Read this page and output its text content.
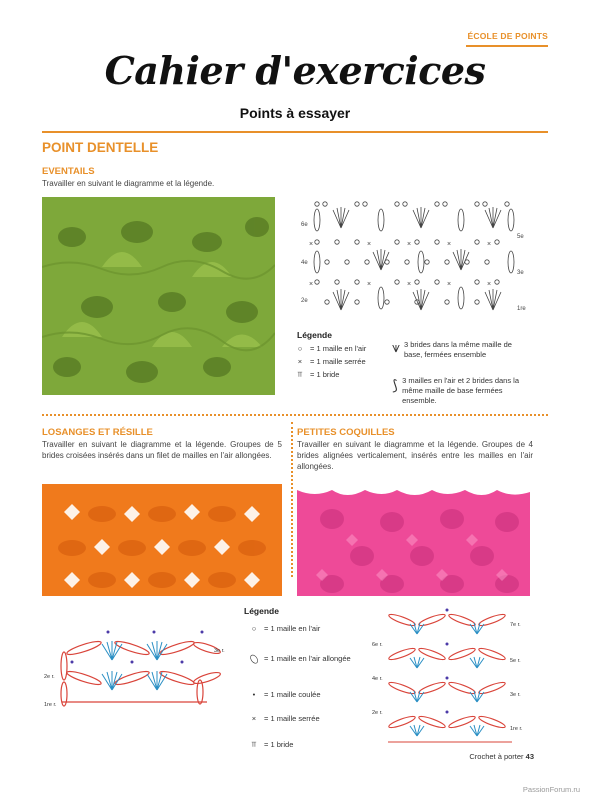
ÉCOLE DE POINTS
Cahier d'exercices
Points à essayer
POINT DENTELLE
EVENTAILS
Travailler en suivant le diagramme et la légende.
6e
4e
2e
5e
3e
1re
×	×	×	×	×
×	×	×	×	×
Légende
○	= 1 maille en l'air
×	= 1 maille serrée
⫪	= 1 bride
⩛ 3 brides dans la même maille de base, fermées ensemble
⟆ 3 mailles en l'air et 2 brides dans la même maille de base fermées ensemble.
LOSANGES ET RÉSILLE
Travailler en suivant le diagramme et la légende. Groupes de 5 brides croisées insérés dans un filet de mailles en l'air allongées.
PETITES COQUILLES
Travailler en suivant le diagramme et la légende. Groupes de 4 brides alignées verticalement, insérés entre les mailles en l'air allongées.
Légende
○	= 1 maille en l'air
⬯ = 1 maille en l'air allongée
•	= 1 maille coulée
×	= 1 maille serrée
⫪	= 1 bride
2e r.
1re r.
3e r.
6e r.
4e r.
2e r.
7e r.
5e r.
3e r.
1re r.
Crochet à porter 43
PassionForum.ru
